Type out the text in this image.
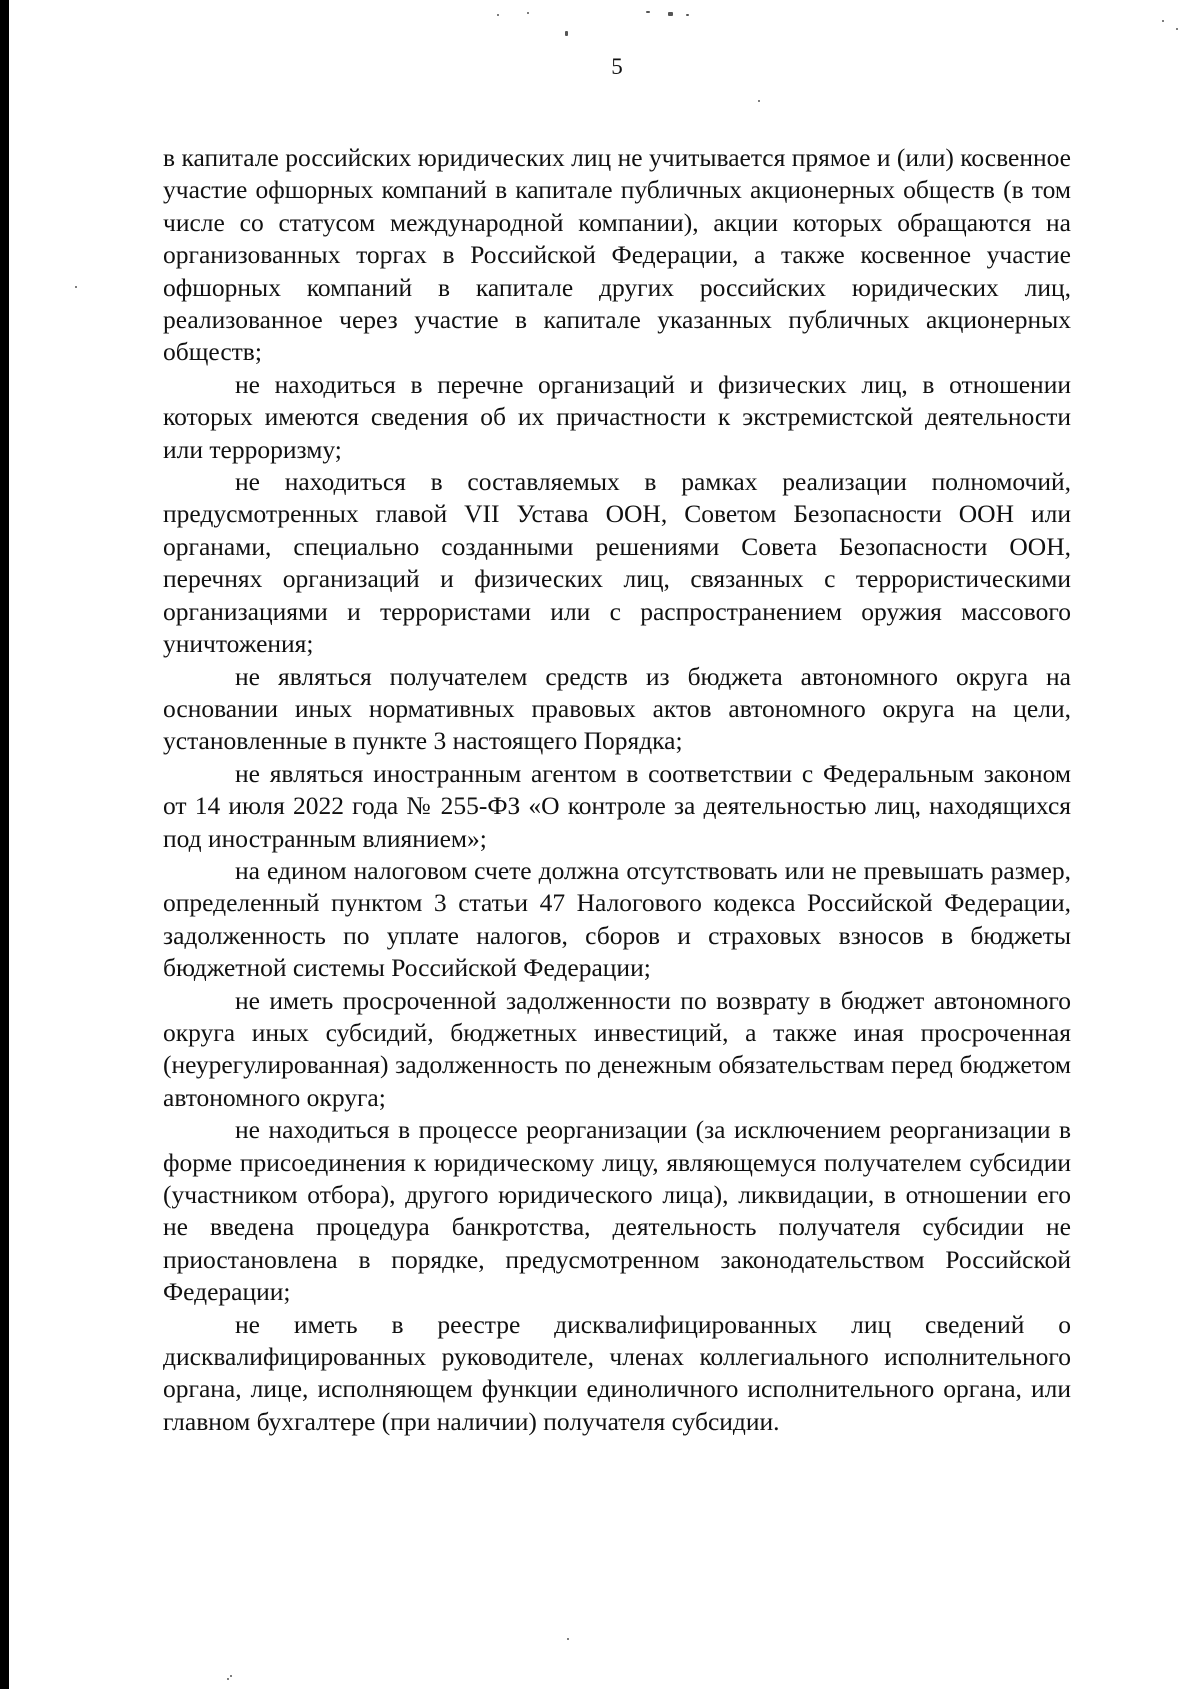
5

в капитале российских юридических лиц не учитывается прямое и (или) косвенное участие офшорных компаний в капитале публичных акционерных обществ (в том числе со статусом международной компании), акции которых обращаются на организованных торгах в Российской Федерации, а также косвенное участие офшорных компаний в капитале других российских юридических лиц, реализованное через участие в капитале указанных публичных акционерных обществ;

не находиться в перечне организаций и физических лиц, в отношении которых имеются сведения об их причастности к экстремистской деятельности или терроризму;

не находиться в составляемых в рамках реализации полномочий, предусмотренных главой VII Устава ООН, Советом Безопасности ООН или органами, специально созданными решениями Совета Безопасности ООН, перечнях организаций и физических лиц, связанных с террористическими организациями и террористами или с распространением оружия массового уничтожения;

не являться получателем средств из бюджета автономного округа на основании иных нормативных правовых актов автономного округа на цели, установленные в пункте 3 настоящего Порядка;

не являться иностранным агентом в соответствии с Федеральным законом от 14 июля 2022 года № 255-ФЗ «О контроле за деятельностью лиц, находящихся под иностранным влиянием»;

на едином налоговом счете должна отсутствовать или не превышать размер, определенный пунктом 3 статьи 47 Налогового кодекса Российской Федерации, задолженность по уплате налогов, сборов и страховых взносов в бюджеты бюджетной системы Российской Федерации;

не иметь просроченной задолженности по возврату в бюджет автономного округа иных субсидий, бюджетных инвестиций, а также иная просроченная (неурегулированная) задолженность по денежным обязательствам перед бюджетом автономного округа;

не находиться в процессе реорганизации (за исключением реорганизации в форме присоединения к юридическому лицу, являющемуся получателем субсидии (участником отбора), другого юридического лица), ликвидации, в отношении его не введена процедура банкротства, деятельность получателя субсидии не приостановлена в порядке, предусмотренном законодательством Российской Федерации;

не иметь в реестре дисквалифицированных лиц сведений о дисквалифицированных руководителе, членах коллегиального исполнительного органа, лице, исполняющем функции единоличного исполнительного органа, или главном бухгалтере (при наличии) получателя субсидии.
